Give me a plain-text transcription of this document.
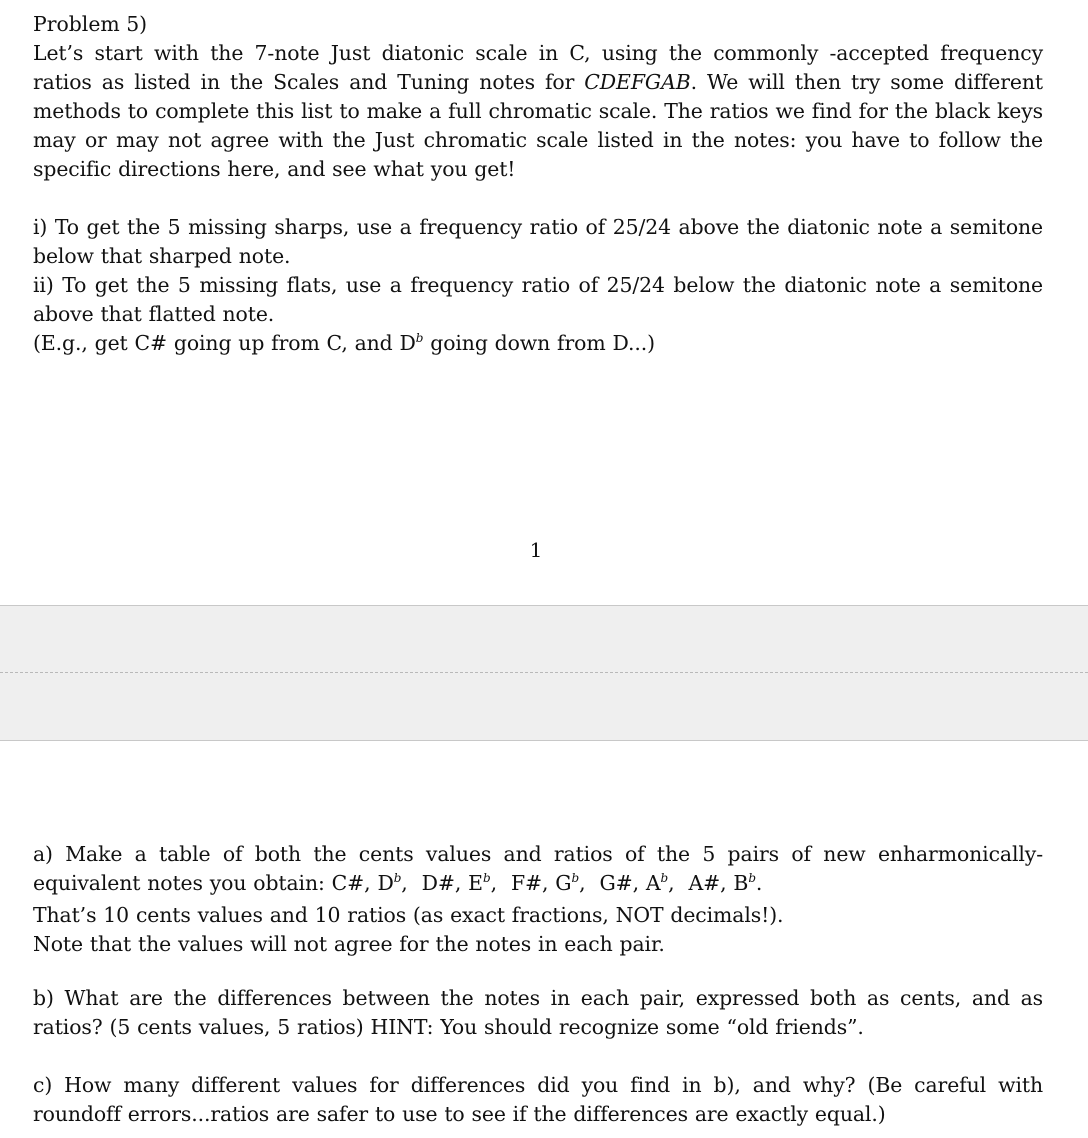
Problem 5)

Let’s start with the 7-note Just diatonic scale in C, using the commonly -accepted frequency ratios as listed in the Scales and Tuning notes for CDEFGAB. We will then try some different methods to complete this list to make a full chromatic scale. The ratios we find for the black keys may or may not agree with the Just chromatic scale listed in the notes: you have to follow the specific directions here, and see what you get!

i) To get the 5 missing sharps, use a frequency ratio of 25/24 above the diatonic note a semitone below that sharped note.

ii) To get the 5 missing flats, use a frequency ratio of 25/24 below the diatonic note a semitone above that flatted note.

(E.g., get C# going up from C, and $D^b$ going down from D...)

1

a) Make a table of both the cents values and ratios of the 5 pairs of new enharmonically-equivalent notes you obtain: C#, $D^b$, D#, $E^b$, F#, $G^b$, G#, $A^b$, A#, $B^b$.

That’s 10 cents values and 10 ratios (as exact fractions, NOT decimals!).

Note that the values will not agree for the notes in each pair.

b) What are the differences between the notes in each pair, expressed both as cents, and as ratios? (5 cents values, 5 ratios) HINT: You should recognize some “old friends”.

c) How many different values for differences did you find in b), and why? (Be careful with roundoff errors...ratios are safer to use to see if the differences are exactly equal.)
